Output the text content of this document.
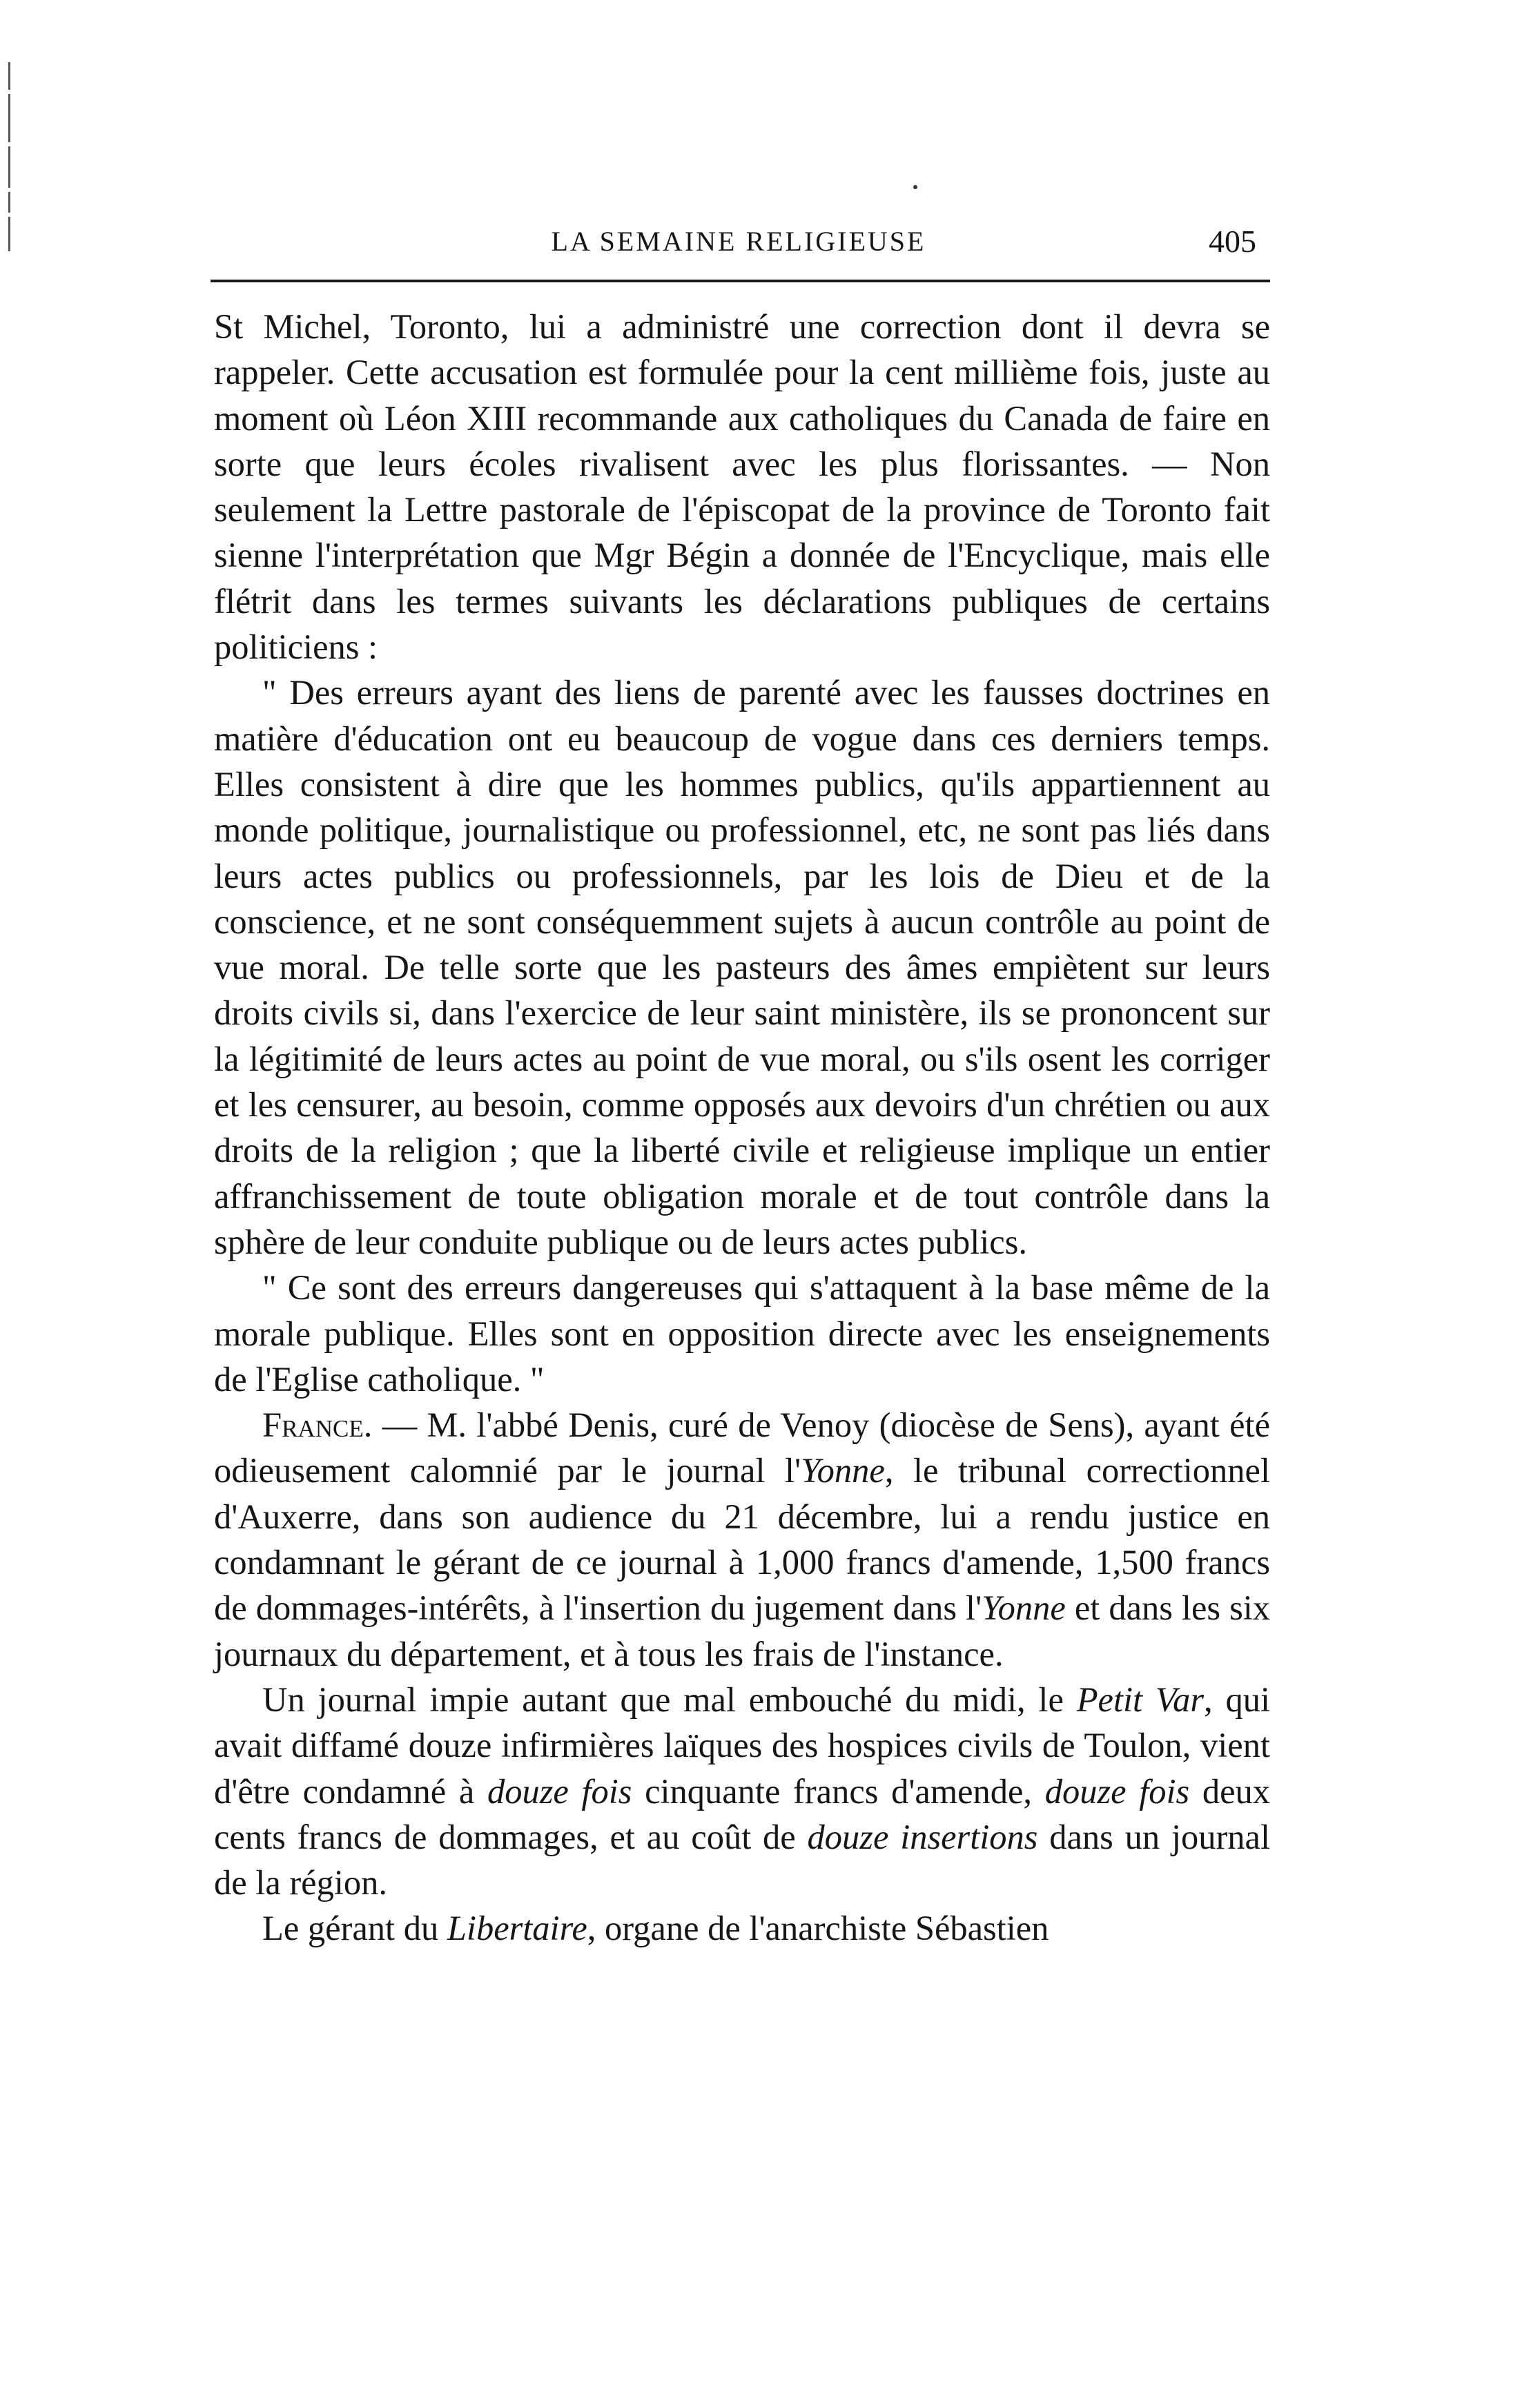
LA SEMAINE RELIGIEUSE	405

St Michel, Toronto, lui a administré une correction dont il devra se rappeler. Cette accusation est formulée pour la cent millième fois, juste au moment où Léon XIII recommande aux catholiques du Canada de faire en sorte que leurs écoles rivalisent avec les plus florissantes. — Non seulement la Lettre pastorale de l'épiscopat de la province de Toronto fait sienne l'interprétation que Mgr Bégin a donnée de l'Encyclique, mais elle flétrit dans les termes suivants les déclarations publiques de certains politiciens :

" Des erreurs ayant des liens de parenté avec les fausses doctrines en matière d'éducation ont eu beaucoup de vogue dans ces derniers temps. Elles consistent à dire que les hommes publics, qu'ils appartiennent au monde politique, journalistique ou professionnel, etc, ne sont pas liés dans leurs actes publics ou professionnels, par les lois de Dieu et de la conscience, et ne sont conséquemment sujets à aucun contrôle au point de vue moral. De telle sorte que les pasteurs des âmes empiètent sur leurs droits civils si, dans l'exercice de leur saint ministère, ils se prononcent sur la légitimité de leurs actes au point de vue moral, ou s'ils osent les corriger et les censurer, au besoin, comme opposés aux devoirs d'un chrétien ou aux droits de la religion ; que la liberté civile et religieuse implique un entier affranchissement de toute obligation morale et de tout contrôle dans la sphère de leur conduite publique ou de leurs actes publics.

" Ce sont des erreurs dangereuses qui s'attaquent à la base même de la morale publique. Elles sont en opposition directe avec les enseignements de l'Eglise catholique. "

France. — M. l'abbé Denis, curé de Venoy (diocèse de Sens), ayant été odieusement calomnié par le journal l'Yonne, le tribunal correctionnel d'Auxerre, dans son audience du 21 décembre, lui a rendu justice en condamnant le gérant de ce journal à 1,000 francs d'amende, 1,500 francs de dommages-intérêts, à l'insertion du jugement dans l'Yonne et dans les six journaux du département, et à tous les frais de l'instance.

Un journal impie autant que mal embouché du midi, le Petit Var, qui avait diffamé douze infirmières laïques des hospices civils de Toulon, vient d'être condamné à douze fois cinquante francs d'amende, douze fois deux cents francs de dommages, et au coût de douze insertions dans un journal de la région.

Le gérant du Libertaire, organe de l'anarchiste Sébastien
